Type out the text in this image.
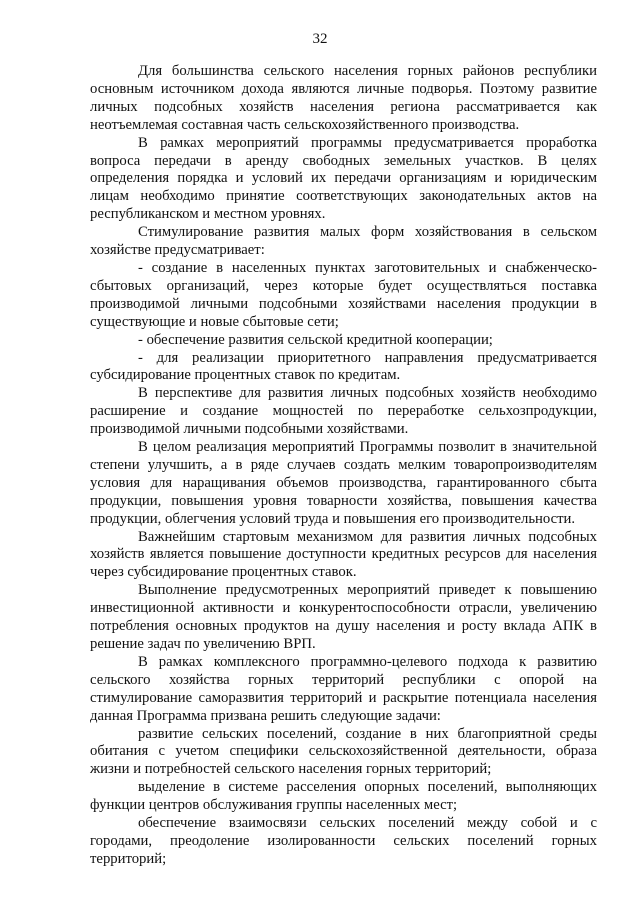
32

Для большинства сельского населения горных районов республики основным источником дохода являются личные подворья. Поэтому развитие личных подсобных хозяйств населения региона рассматривается как неотъемлемая составная часть сельскохозяйственного производства.

В рамках мероприятий программы предусматривается проработка вопроса передачи в аренду свободных земельных участков. В целях определения порядка и условий их передачи организациям и юридическим лицам необходимо принятие соответствующих законодательных актов на республиканском и местном уровнях.

Стимулирование развития малых форм хозяйствования в сельском хозяйстве предусматривает:

- создание в населенных пунктах заготовительных и снабженческо-сбытовых организаций, через которые будет осуществляться поставка производимой личными подсобными хозяйствами населения продукции в существующие и новые сбытовые сети;

- обеспечение развития сельской кредитной кооперации;

- для реализации приоритетного направления предусматривается субсидирование процентных ставок по кредитам.

В перспективе для развития личных подсобных хозяйств необходимо расширение и создание мощностей по переработке сельхозпродукции, производимой личными подсобными хозяйствами.

В целом реализация мероприятий Программы позволит в значительной степени улучшить, а в ряде случаев создать мелким товаропроизводителям условия для наращивания объемов производства, гарантированного сбыта продукции, повышения уровня товарности хозяйства, повышения качества продукции, облегчения условий труда и повышения его производительности.

Важнейшим стартовым механизмом для развития личных подсобных хозяйств является повышение доступности кредитных ресурсов для населения через субсидирование процентных ставок.

Выполнение предусмотренных мероприятий приведет к повышению инвестиционной активности и конкурентоспособности отрасли, увеличению потребления основных продуктов на душу населения и росту вклада АПК в решение задач по увеличению ВРП.

В рамках комплексного программно-целевого подхода к развитию сельского хозяйства горных территорий республики с опорой на стимулирование саморазвития территорий и раскрытие потенциала населения данная Программа призвана решить следующие задачи:

развитие сельских поселений, создание в них благоприятной среды обитания с учетом специфики сельскохозяйственной деятельности, образа жизни и потребностей сельского населения горных территорий;

выделение в системе расселения опорных поселений, выполняющих функции центров обслуживания группы населенных мест;

обеспечение взаимосвязи сельских поселений между собой и с городами, преодоление изолированности сельских поселений горных территорий;
